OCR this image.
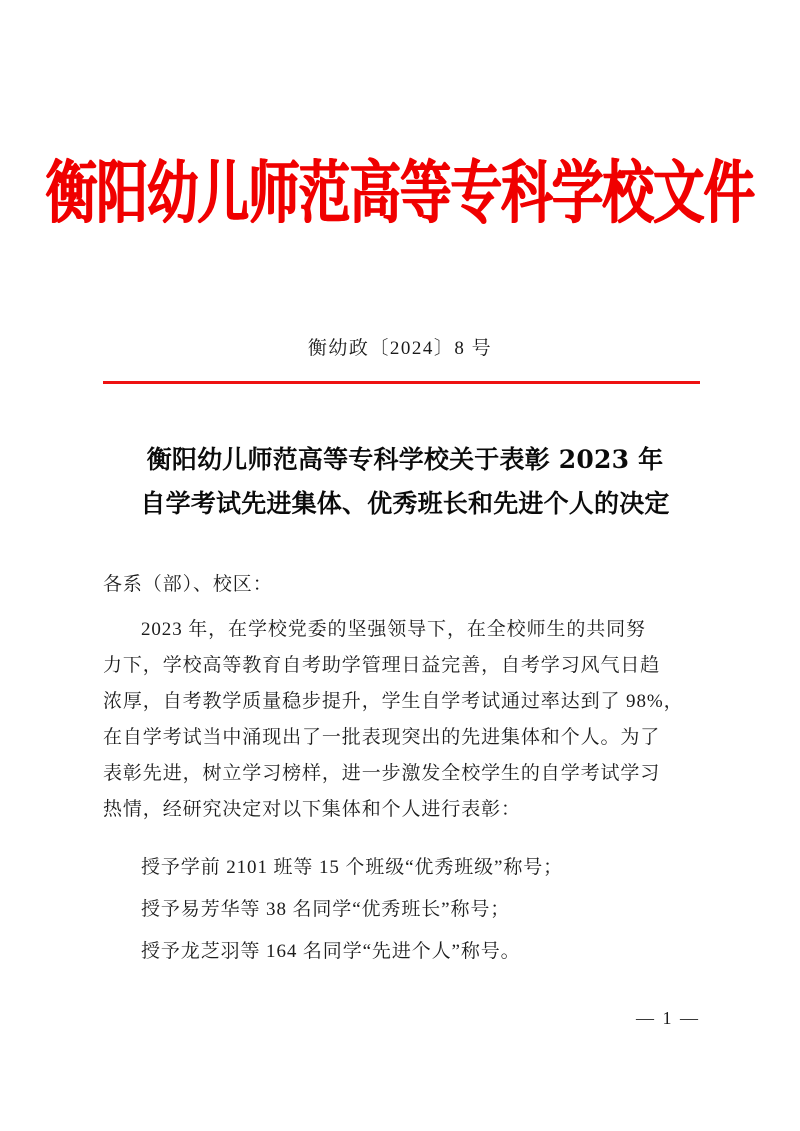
衡阳幼儿师范高等专科学校文件
衡幼政〔2024〕8 号
衡阳幼儿师范高等专科学校关于表彰 2023 年
自学考试先进集体、优秀班长和先进个人的决定
各系（部）、校区：
2023 年，在学校党委的坚强领导下，在全校师生的共同努
力下，学校高等教育自考助学管理日益完善，自考学习风气日趋
浓厚，自考教学质量稳步提升，学生自学考试通过率达到了 98%，
在自学考试当中涌现出了一批表现突出的先进集体和个人。为了
表彰先进，树立学习榜样，进一步激发全校学生的自学考试学习
热情，经研究决定对以下集体和个人进行表彰：
授予学前 2101 班等 15 个班级“优秀班级”称号；
授予易芳华等 38 名同学“优秀班长”称号；
授予龙芝羽等 164 名同学“先进个人”称号。
— 1 —
